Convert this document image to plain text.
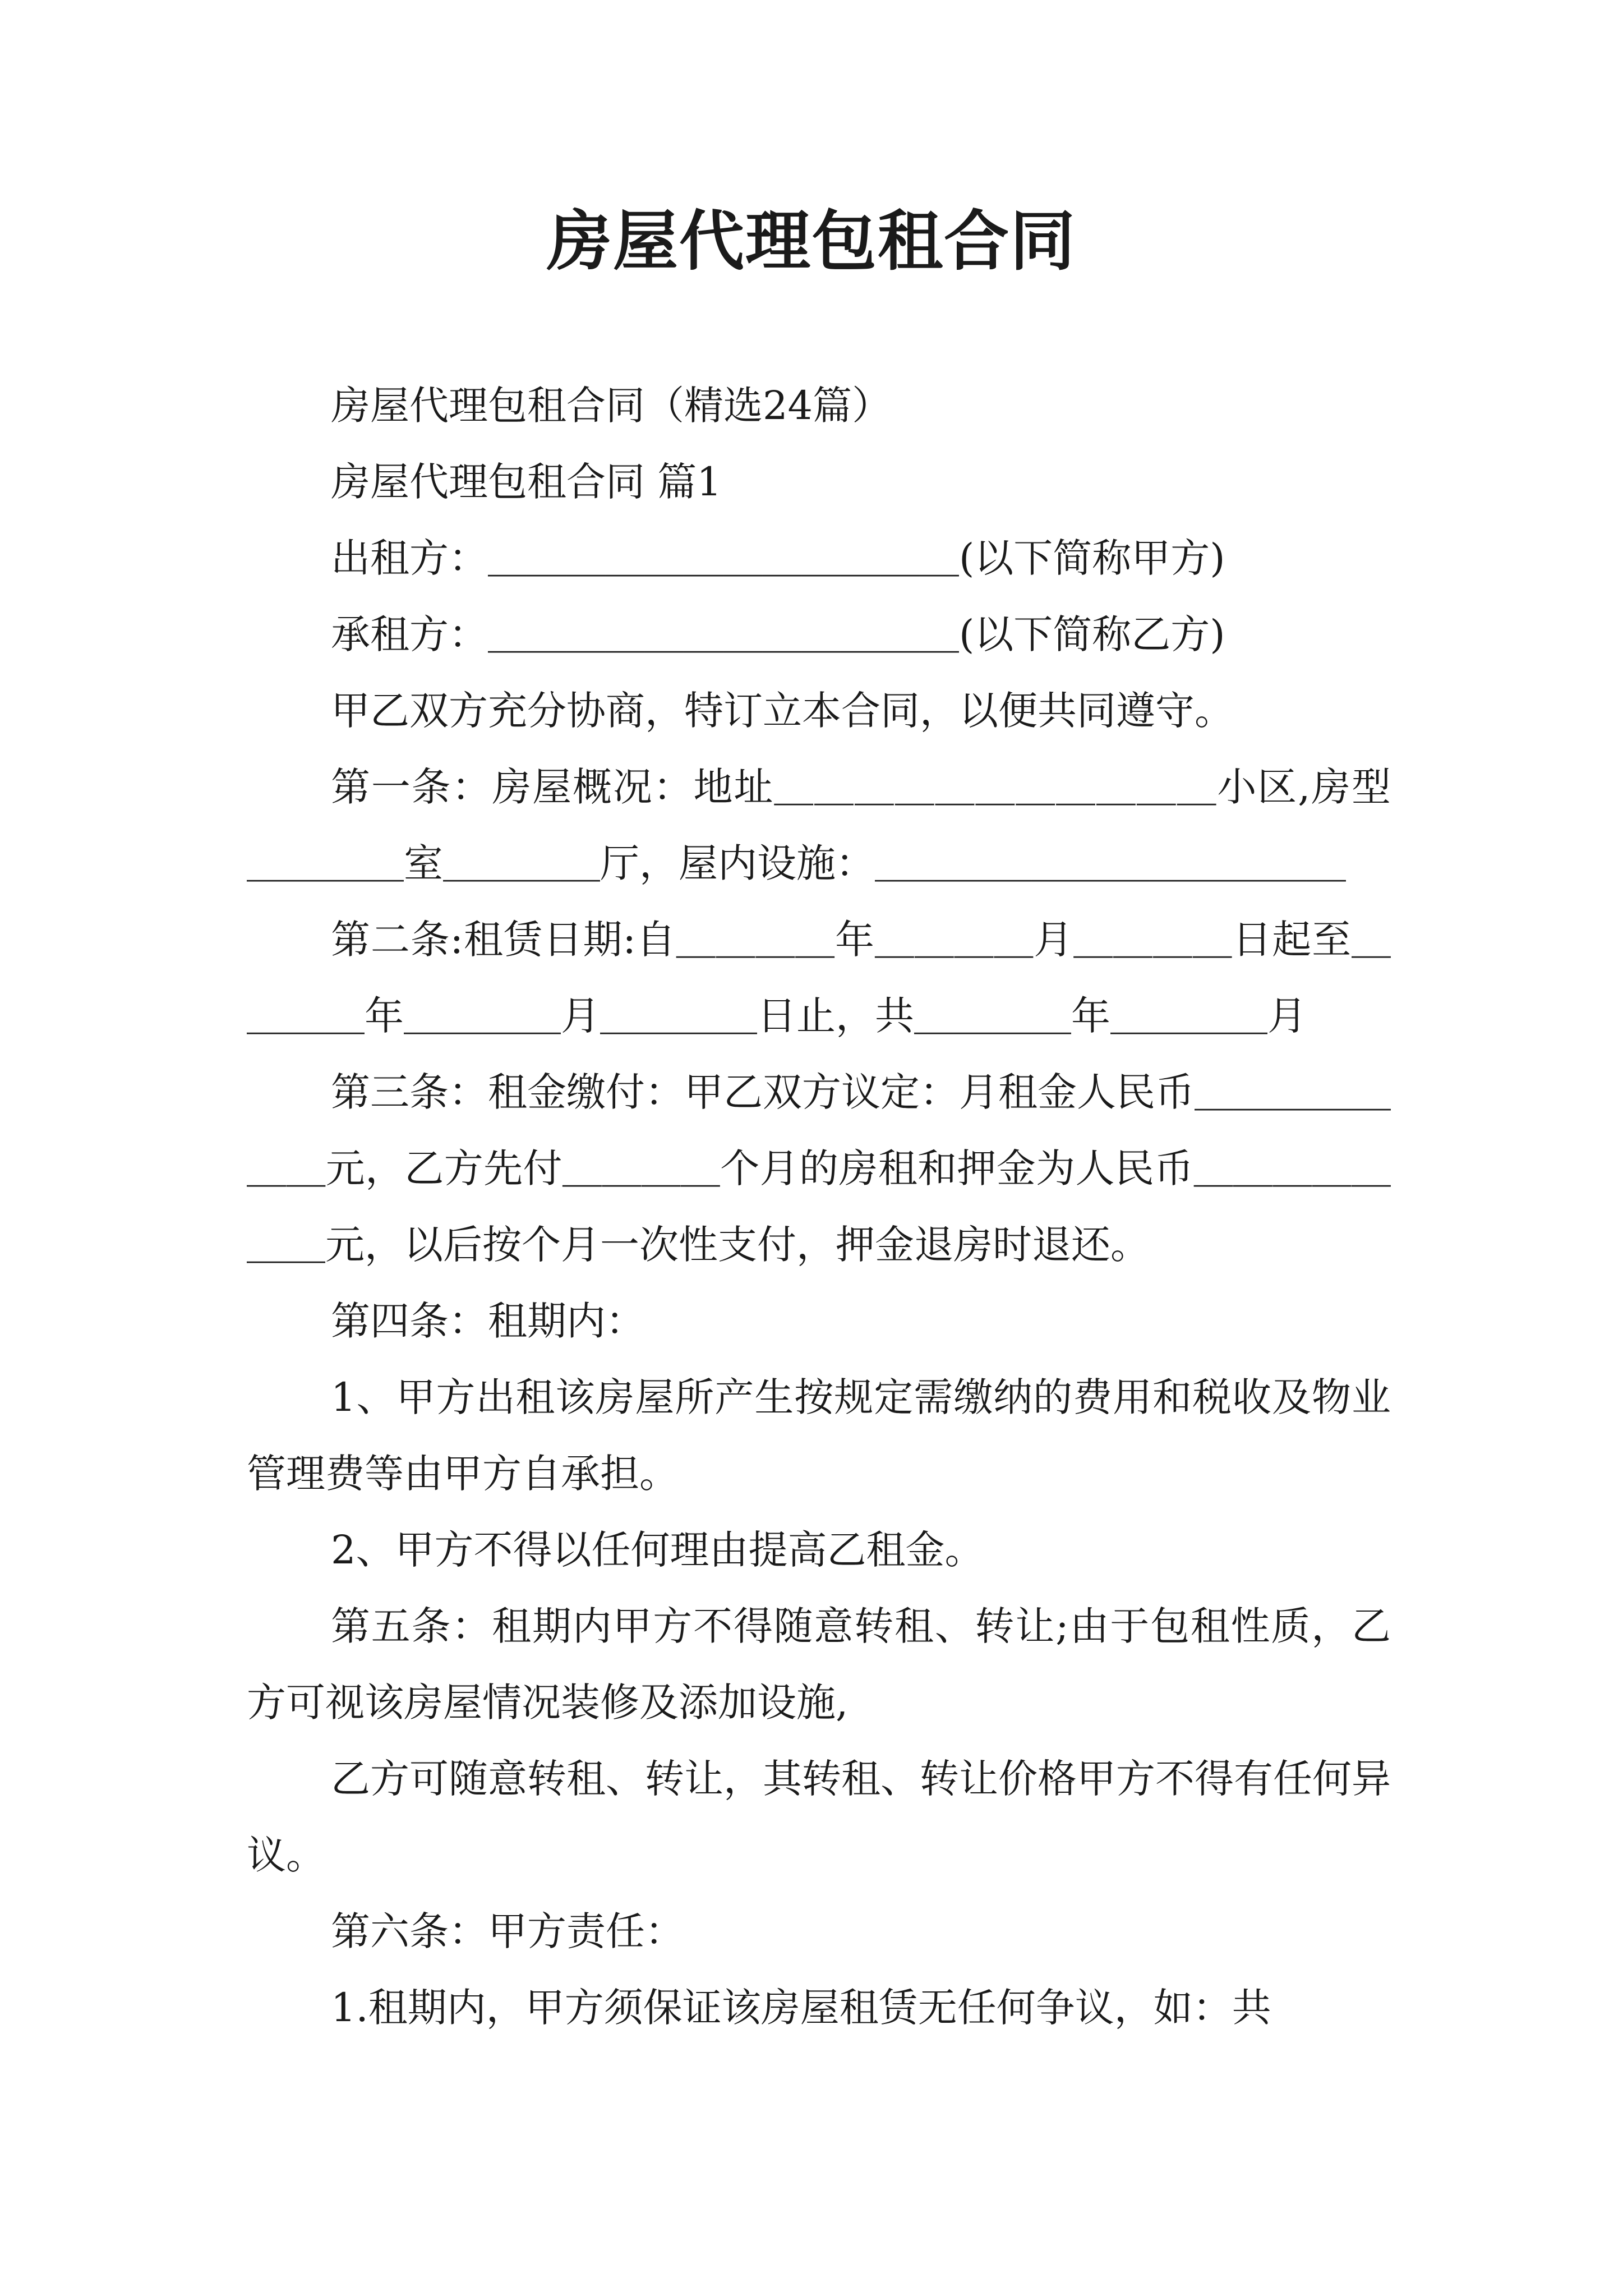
房屋代理包租合同

房屋代理包租合同（精选24篇）

房屋代理包租合同 篇1

出租方：＿＿＿＿＿＿＿＿＿＿＿＿(以下简称甲方)

承租方：＿＿＿＿＿＿＿＿＿＿＿＿(以下简称乙方)

甲乙双方充分协商，特订立本合同，以便共同遵守。

第一条：房屋概况：地址＿＿＿＿＿＿＿＿＿＿＿小区,房型＿＿＿＿室＿＿＿＿厅，屋内设施：＿＿＿＿＿＿＿＿＿＿＿＿

第二条:租赁日期:自＿＿＿＿年＿＿＿＿月＿＿＿＿日起至＿＿＿＿年＿＿＿＿月＿＿＿＿日止，共＿＿＿＿年＿＿＿＿月

第三条：租金缴付：甲乙双方议定：月租金人民币＿＿＿＿＿＿＿元，乙方先付＿＿＿＿个月的房租和押金为人民币＿＿＿＿＿＿＿元，以后按个月一次性支付，押金退房时退还。

第四条：租期内：

1、甲方出租该房屋所产生按规定需缴纳的费用和税收及物业管理费等由甲方自承担。

2、甲方不得以任何理由提高乙租金。

第五条：租期内甲方不得随意转租、转让;由于包租性质，乙方可视该房屋情况装修及添加设施,

乙方可随意转租、转让，其转租、转让价格甲方不得有任何异议。

第六条：甲方责任：

1.租期内，甲方须保证该房屋租赁无任何争议，如：共
